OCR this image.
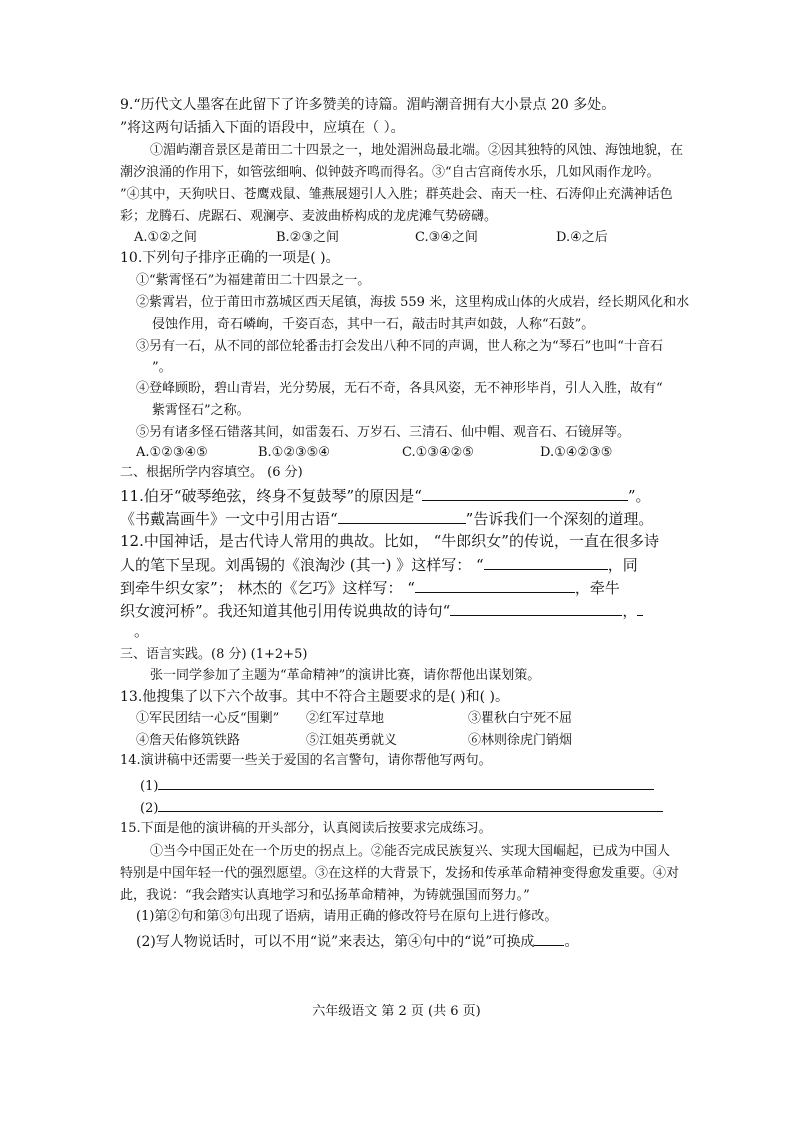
9.“历代文人墨客在此留下了许多赞美的诗篇。湄屿潮音拥有大小景点 20 多处。
”将这两句话插入下面的语段中，应填在（ ）。
①湄屿潮音景区是莆田二十四景之一，地处湄洲岛最北端。②因其独特的风蚀、海蚀地貌，在
潮汐浪涌的作用下，如管弦细响、似钟鼓齐鸣而得名。③“自古宫商传水乐，几如风雨作龙吟。
”④其中，天狗吠日、苍鹰戏鼠、雏燕展翅引人入胜；群英赴会、南天一柱、石涛仰止充满神话色
彩；龙腾石、虎踞石、观澜亭、麦波曲桥构成的龙虎滩气势磅礴。
A.①②之间	B.②③之间	C.③④之间	D.④之后
10.下列句子排序正确的一项是( )。
①“紫霄怪石”为福建莆田二十四景之一。
②紫霄岩，位于莆田市荔城区西天尾镇，海拔 559 米，这里构成山体的火成岩，经长期风化和水
侵蚀作用，奇石嶙峋，千姿百态，其中一石，敲击时其声如鼓，人称“石鼓”。
③另有一石，从不同的部位轮番击打会发出八种不同的声调，世人称之为“琴石”也叫“十音石
”。
④登峰顾盼，碧山青岩，光分势展，无石不奇，各具风姿，无不神形毕肖，引人入胜，故有“
紫霄怪石”之称。
⑤另有诸多怪石错落其间，如雷轰石、万岁石、三清石、仙中帽、观音石、石镜屏等。
A.①②③④⑤	B.①②③⑤④	C.①③④②⑤	D.①④②③⑤
二、根据所学内容填空。 (6 分)
11.伯牙“破琴绝弦，终身不复鼓琴”的原因是“	”。
《书戴嵩画牛》一文中引用古语“	”告诉我们一个深刻的道理。
12.中国神话，是古代诗人常用的典故。比如， “牛郎织女”的传说，一直在很多诗
人的笔下呈现。刘禹锡的《浪淘沙 (其一) 》这样写： “	，同
到牵牛织女家”； 林杰的《乞巧》这样写： “	，牵牛
织女渡河桥”。我还知道其他引用传说典故的诗句“	，
。
三、语言实践。(8 分) (1+2+5)
张一同学参加了主题为“革命精神”的演讲比赛，请你帮他出谋划策。
13.他搜集了以下六个故事。其中不符合主题要求的是( )和( )。
①军民团结一心反“围剿” ②红军过草地	③瞿秋白宁死不屈
④詹天佑修筑铁路	⑤江姐英勇就义	⑥林则徐虎门销烟
14.演讲稿中还需要一些关于爱国的名言警句，请你帮他写两句。
(1)
(2)
15.下面是他的演讲稿的开头部分，认真阅读后按要求完成练习。
①当今中国正处在一个历史的拐点上。②能否完成民族复兴、实现大国崛起，已成为中国人
特别是中国年轻一代的强烈愿望。③在这样的大背景下，发扬和传承革命精神变得愈发重要。④对
此，我说：“我会踏实认真地学习和弘扬革命精神，为铸就强国而努力。”
(1)第②句和第③句出现了语病，请用正确的修改符号在原句上进行修改。
(2)写人物说话时，可以不用“说”来表达，第④句中的“说”可换成 。
六年级语文 第 2 页 (共 6 页)
